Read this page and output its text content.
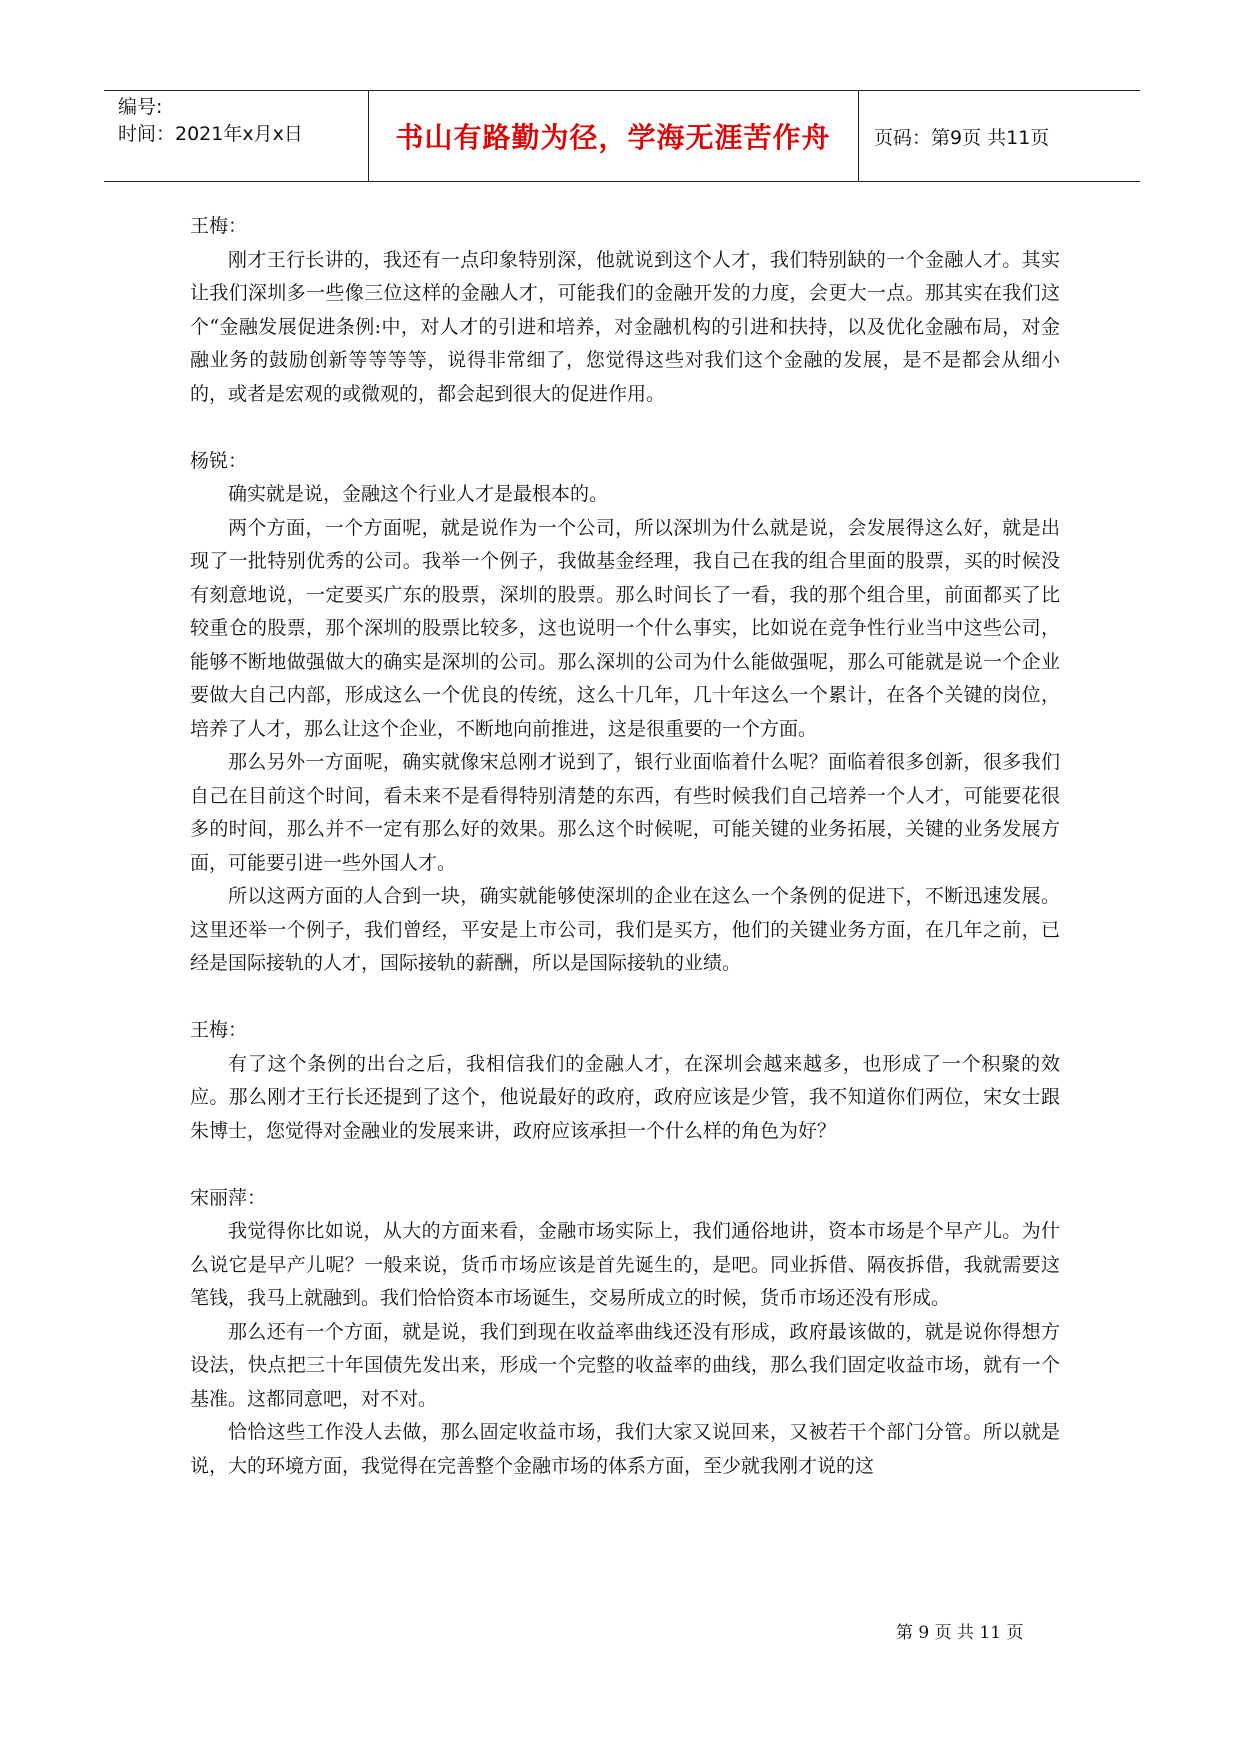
编号:
时间：2021年x月x日	书山有路勤为径，学海无涯苦作舟	页码：第9页 共11页

王梅：

刚才王行长讲的，我还有一点印象特别深，他就说到这个人才，我们特别缺的一个金融人才。其实让我们深圳多一些像三位这样的金融人才，可能我们的金融开发的力度，会更大一点。那其实在我们这个“金融发展促进条例:中，对人才的引进和培养，对金融机构的引进和扶持，以及优化金融布局，对金融业务的鼓励创新等等等等，说得非常细了，您觉得这些对我们这个金融的发展，是不是都会从细小的，或者是宏观的或微观的，都会起到很大的促进作用。

杨锐：

确实就是说，金融这个行业人才是最根本的。

两个方面，一个方面呢，就是说作为一个公司，所以深圳为什么就是说，会发展得这么好，就是出现了一批特别优秀的公司。我举一个例子，我做基金经理，我自己在我的组合里面的股票，买的时候没有刻意地说，一定要买广东的股票，深圳的股票。那么时间长了一看，我的那个组合里，前面都买了比较重仓的股票，那个深圳的股票比较多，这也说明一个什么事实，比如说在竞争性行业当中这些公司，能够不断地做强做大的确实是深圳的公司。那么深圳的公司为什么能做强呢，那么可能就是说一个企业要做大自己内部，形成这么一个优良的传统，这么十几年，几十年这么一个累计，在各个关键的岗位，培养了人才，那么让这个企业，不断地向前推进，这是很重要的一个方面。

那么另外一方面呢，确实就像宋总刚才说到了，银行业面临着什么呢？面临着很多创新，很多我们自己在目前这个时间，看未来不是看得特别清楚的东西，有些时候我们自己培养一个人才，可能要花很多的时间，那么并不一定有那么好的效果。那么这个时候呢，可能关键的业务拓展，关键的业务发展方面，可能要引进一些外国人才。

所以这两方面的人合到一块，确实就能够使深圳的企业在这么一个条例的促进下，不断迅速发展。这里还举一个例子，我们曾经，平安是上市公司，我们是买方，他们的关键业务方面，在几年之前，已经是国际接轨的人才，国际接轨的薪酬，所以是国际接轨的业绩。

王梅：

有了这个条例的出台之后，我相信我们的金融人才，在深圳会越来越多，也形成了一个积聚的效应。那么刚才王行长还提到了这个，他说最好的政府，政府应该是少管，我不知道你们两位，宋女士跟朱博士，您觉得对金融业的发展来讲，政府应该承担一个什么样的角色为好？

宋丽萍：

我觉得你比如说，从大的方面来看，金融市场实际上，我们通俗地讲，资本市场是个早产儿。为什么说它是早产儿呢？一般来说，货币市场应该是首先诞生的，是吧。同业拆借、隔夜拆借，我就需要这笔钱，我马上就融到。我们恰恰资本市场诞生，交易所成立的时候，货币市场还没有形成。

那么还有一个方面，就是说，我们到现在收益率曲线还没有形成，政府最该做的，就是说你得想方设法，快点把三十年国债先发出来，形成一个完整的收益率的曲线，那么我们固定收益市场，就有一个基准。这都同意吧，对不对。

恰恰这些工作没人去做，那么固定收益市场，我们大家又说回来，又被若干个部门分管。所以就是说，大的环境方面，我觉得在完善整个金融市场的体系方面，至少就我刚才说的这

第 9 页 共 11 页
